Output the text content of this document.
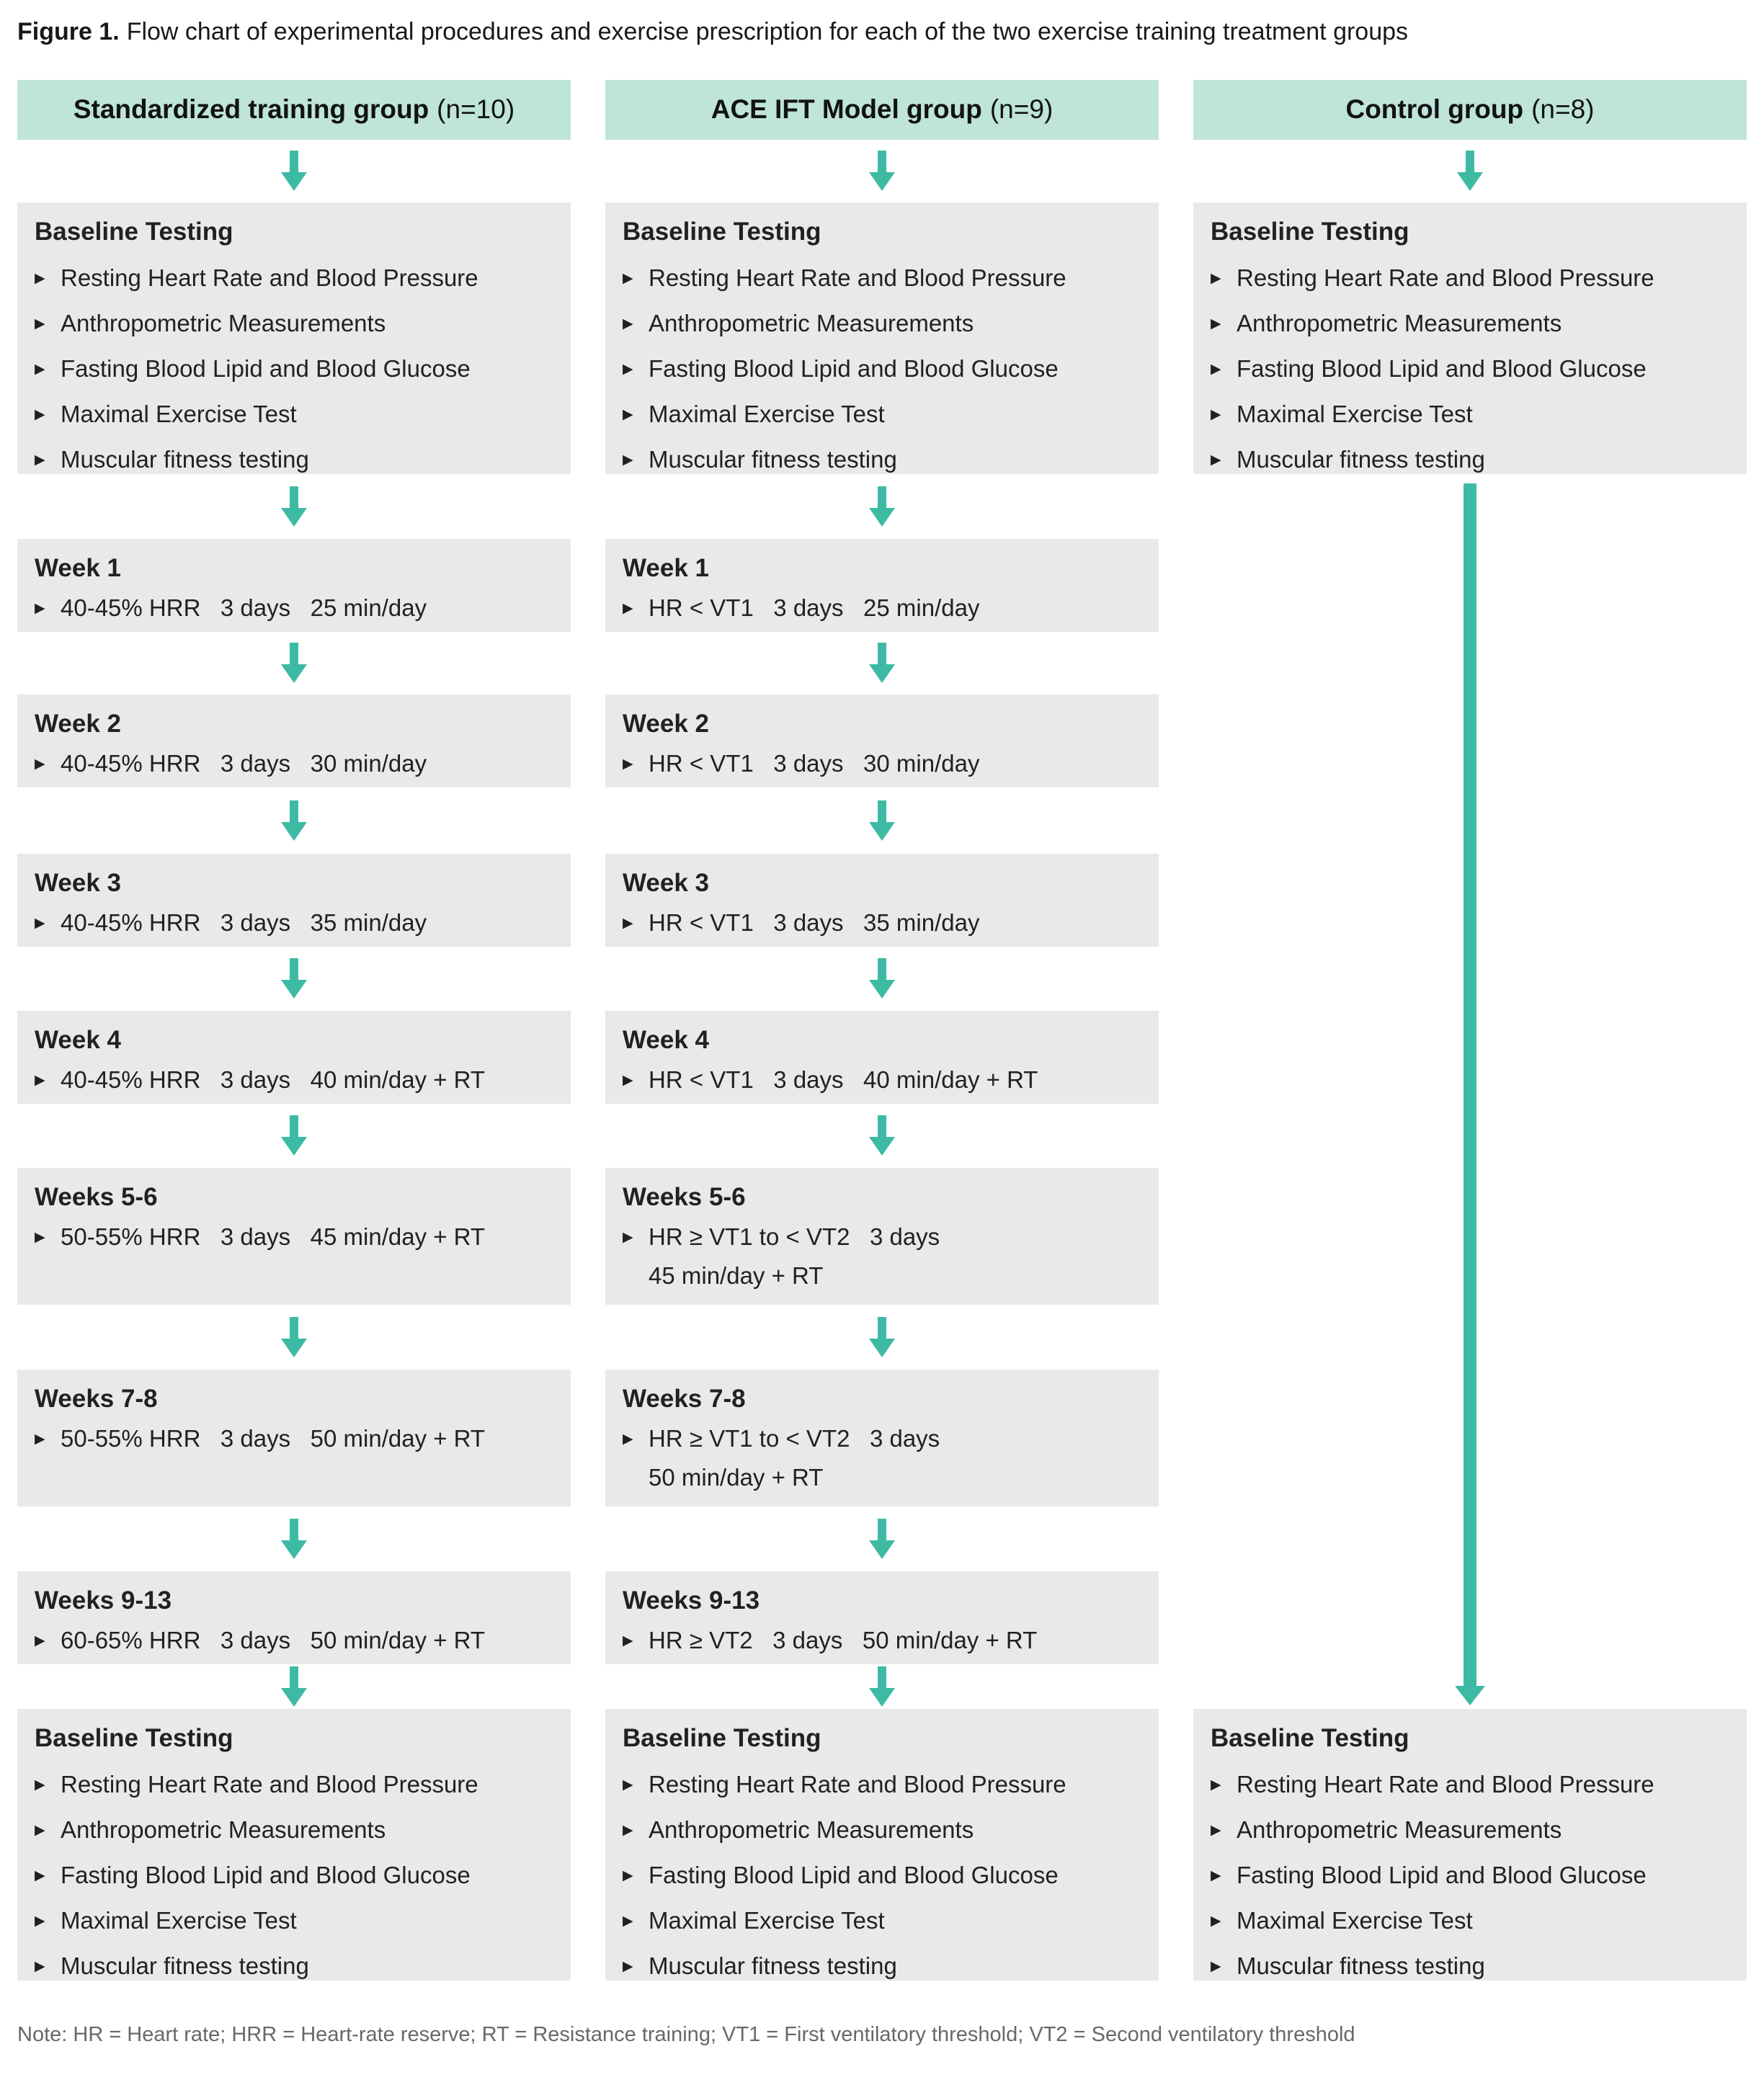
Figure 1. Flow chart of experimental procedures and exercise prescription for each of the two exercise training treatment groups

Standardized training group (n=10)
Baseline Testing
▶ Resting Heart Rate and Blood Pressure
▶ Anthropometric Measurements
▶ Fasting Blood Lipid and Blood Glucose
▶ Maximal Exercise Test
▶ Muscular fitness testing
Week 1
▶ 40-45% HRR   3 days   25 min/day
Week 2
▶ 40-45% HRR   3 days   30 min/day
Week 3
▶ 40-45% HRR   3 days   35 min/day
Week 4
▶ 40-45% HRR   3 days   40 min/day + RT
Weeks 5-6
▶ 50-55% HRR   3 days   45 min/day + RT
Weeks 7-8
▶ 50-55% HRR   3 days   50 min/day + RT
Weeks 9-13
▶ 60-65% HRR   3 days   50 min/day + RT
Baseline Testing
▶ Resting Heart Rate and Blood Pressure
▶ Anthropometric Measurements
▶ Fasting Blood Lipid and Blood Glucose
▶ Maximal Exercise Test
▶ Muscular fitness testing
ACE IFT Model group (n=9)
Baseline Testing
▶ Resting Heart Rate and Blood Pressure
▶ Anthropometric Measurements
▶ Fasting Blood Lipid and Blood Glucose
▶ Maximal Exercise Test
▶ Muscular fitness testing
Week 1
▶ HR < VT1   3 days   25 min/day
Week 2
▶ HR < VT1   3 days   30 min/day
Week 3
▶ HR < VT1   3 days   35 min/day
Week 4
▶ HR < VT1   3 days   40 min/day + RT
Weeks 5-6
▶ HR ≥ VT1 to < VT2   3 days
45 min/day + RT
Weeks 7-8
▶ HR ≥ VT1 to < VT2   3 days
50 min/day + RT
Weeks 9-13
▶ HR ≥ VT2   3 days   50 min/day + RT
Baseline Testing
▶ Resting Heart Rate and Blood Pressure
▶ Anthropometric Measurements
▶ Fasting Blood Lipid and Blood Glucose
▶ Maximal Exercise Test
▶ Muscular fitness testing
Control group (n=8)
Baseline Testing
▶ Resting Heart Rate and Blood Pressure
▶ Anthropometric Measurements
▶ Fasting Blood Lipid and Blood Glucose
▶ Maximal Exercise Test
▶ Muscular fitness testing
Baseline Testing
▶ Resting Heart Rate and Blood Pressure
▶ Anthropometric Measurements
▶ Fasting Blood Lipid and Blood Glucose
▶ Maximal Exercise Test
▶ Muscular fitness testing

Note: HR = Heart rate; HRR = Heart-rate reserve; RT = Resistance training; VT1 = First ventilatory threshold; VT2 = Second ventilatory threshold
